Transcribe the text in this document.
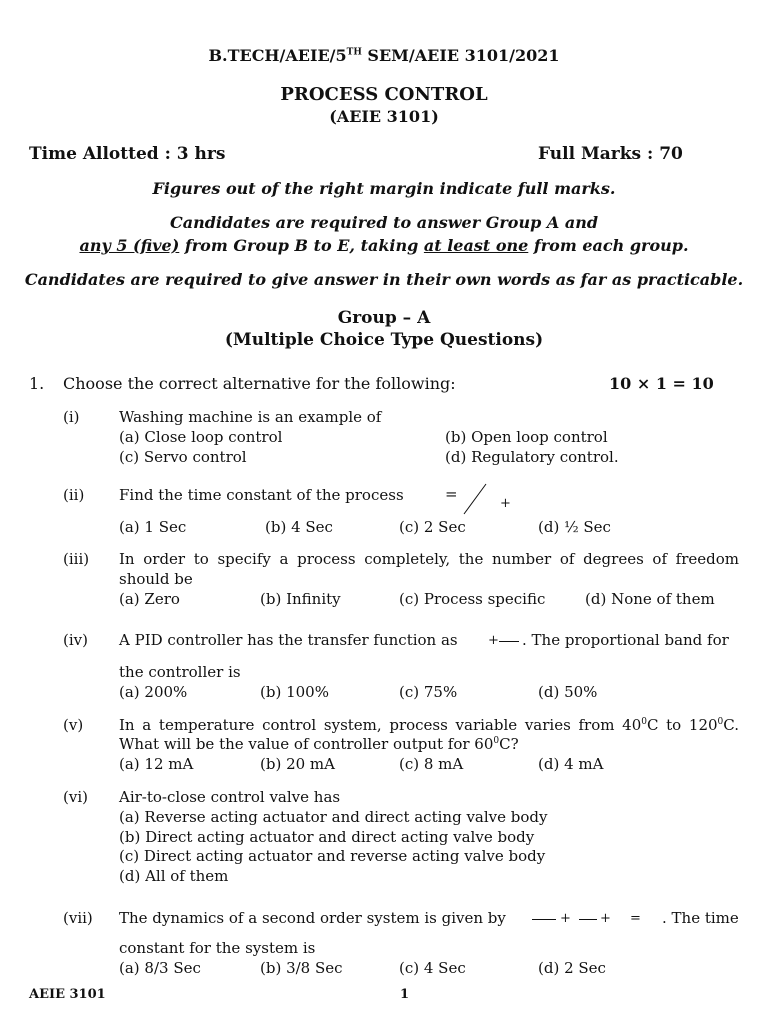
B.TECH/AEIE/5TH SEM/AEIE 3101/2021
PROCESS CONTROL
(AEIE 3101)
Time Allotted : 3 hrs	Full Marks : 70
Figures out of the right margin indicate full marks.
Candidates are required to answer Group A and
any 5 (five) from Group B to E, taking at least one from each group.
Candidates are required to give answer in their own words as far as practicable.
Group – A
(Multiple Choice Type Questions)
1. Choose the correct alternative for the following:	10 × 1 = 10
(i)	Washing machine is an example of
(a) Close loop control	(b) Open loop control
(c) Servo control	(d) Regulatory control.
(ii) Find the time constant of the process	=
+
(a) 1 Sec	(b) 4 Sec	(c) 2 Sec	(d) ½ Sec
(iii) In order to specify a process completely, the number of degrees of freedom
should be
(a) Zero	(b) Infinity	(c) Process specific	(d) None of them
(iv) A PID controller has the transfer function as + . The proportional band for
the controller is
(a) 200%	(b) 100%	(c) 75%	(d) 50%
(v) In a temperature control system, process variable varies from $40^0C$ to $120^0C$.
What will be the value of controller output for $60^0C$?
(a) 12 mA	(b) 20 mA	(c) 8 mA	(d) 4 mA
(vi) Air-to-close control valve has
(a) Reverse acting actuator and direct acting valve body
(b) Direct acting actuator and direct acting valve body
(c) Direct acting actuator and reverse acting valve body
(d) All of them
(vii) The dynamics of a second order system is given by	+ + = . The time
constant for the system is
(a) 8/3 Sec	(b) 3/8 Sec	(c) 4 Sec	(d) 2 Sec
AEIE 3101	1
